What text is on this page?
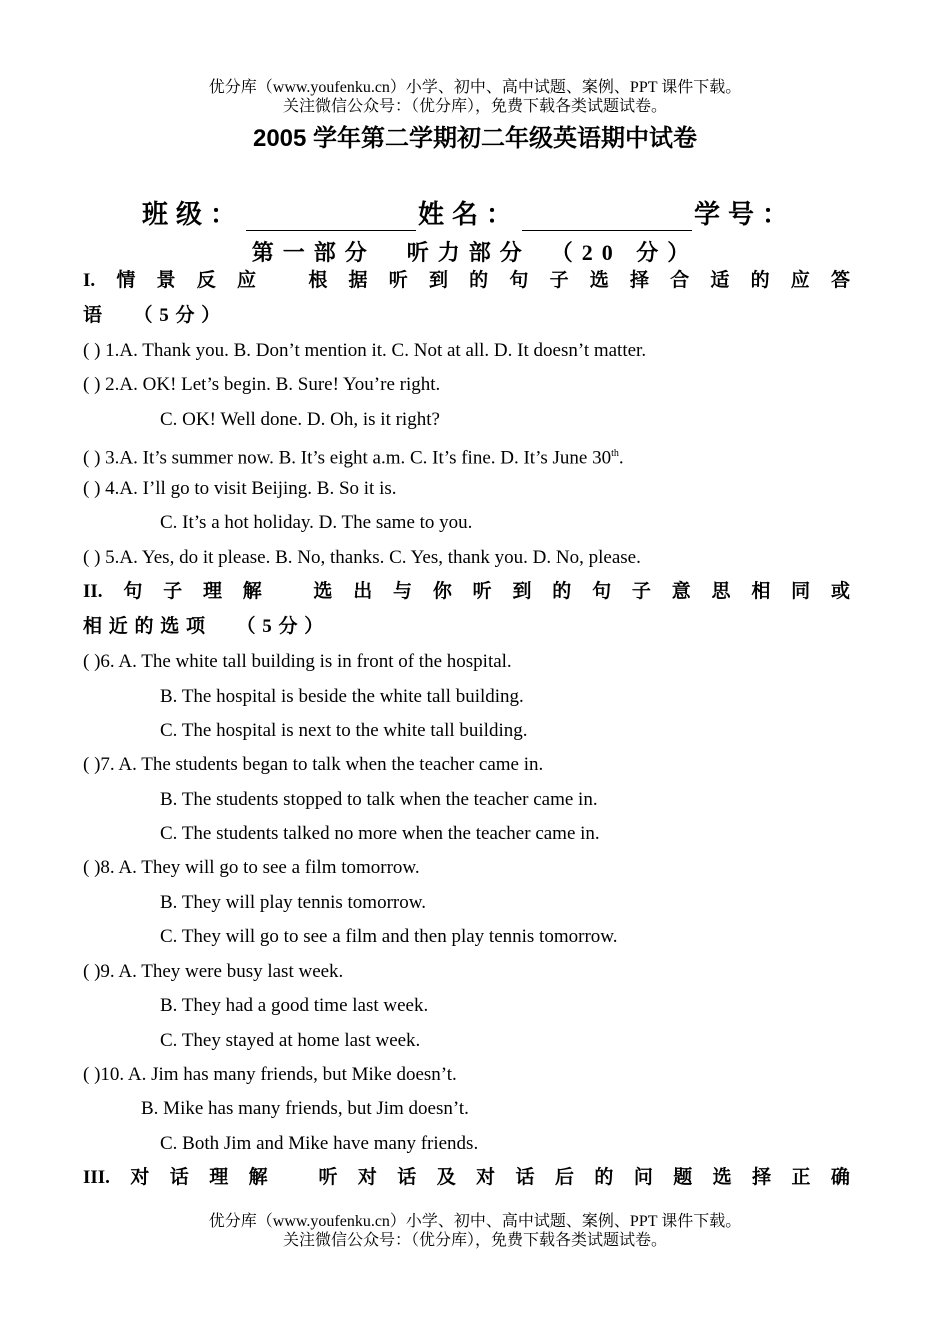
优分库（www.youfenku.cn）小学、初中、高中试题、案例、PPT 课件下载。
关注微信公众号：（优分库），免费下载各类试题试卷。
2005 学年第二学期初二年级英语期中试卷
班级：	姓名：	学号：
第一部分　听力部分　（20 分）
I. 情 景 反 应	根 据 听 到 的 句 子 选 择 合 适 的 应 答
语　　（ 5 分 ）
( ) 1.A. Thank you. B. Don’t mention it. C. Not at all. D. It doesn’t matter.
( ) 2.A. OK! Let’s begin. B. Sure! You’re right.
C. OK! Well done. D. Oh, is it right?
( ) 3.A. It’s summer now. B. It’s eight a.m. C. It’s fine. D. It’s June 30th.
( ) 4.A. I’ll go to visit Beijing. B. So it is.
C. It’s a hot holiday. D. The same to you.
( ) 5.A. Yes, do it please. B. No, thanks. C. Yes, thank you. D. No, please.
II. 句 子 理 解	选 出 与 你 听 到 的 句 子 意 思 相 同 或
相 近 的 选 项　　（ 5 分 ）
( )6. A. The white tall building is in front of the hospital.
B. The hospital is beside the white tall building.
C. The hospital is next to the white tall building.
( )7. A. The students began to talk when the teacher came in.
B. The students stopped to talk when the teacher came in.
C. The students talked no more when the teacher came in.
( )8. A. They will go to see a film tomorrow.
B. They will play tennis tomorrow.
C. They will go to see a film and then play tennis tomorrow.
( )9. A. They were busy last week.
B. They had a good time last week.
C. They stayed at home last week.
( )10. A. Jim has many friends, but Mike doesn’t.
B. Mike has many friends, but Jim doesn’t.
C. Both Jim and Mike have many friends.
III. 对 话 理 解	听 对 话 及 对 话 后 的 问 题 选 择 正 确
优分库（www.youfenku.cn）小学、初中、高中试题、案例、PPT 课件下载。
关注微信公众号：（优分库），免费下载各类试题试卷。
